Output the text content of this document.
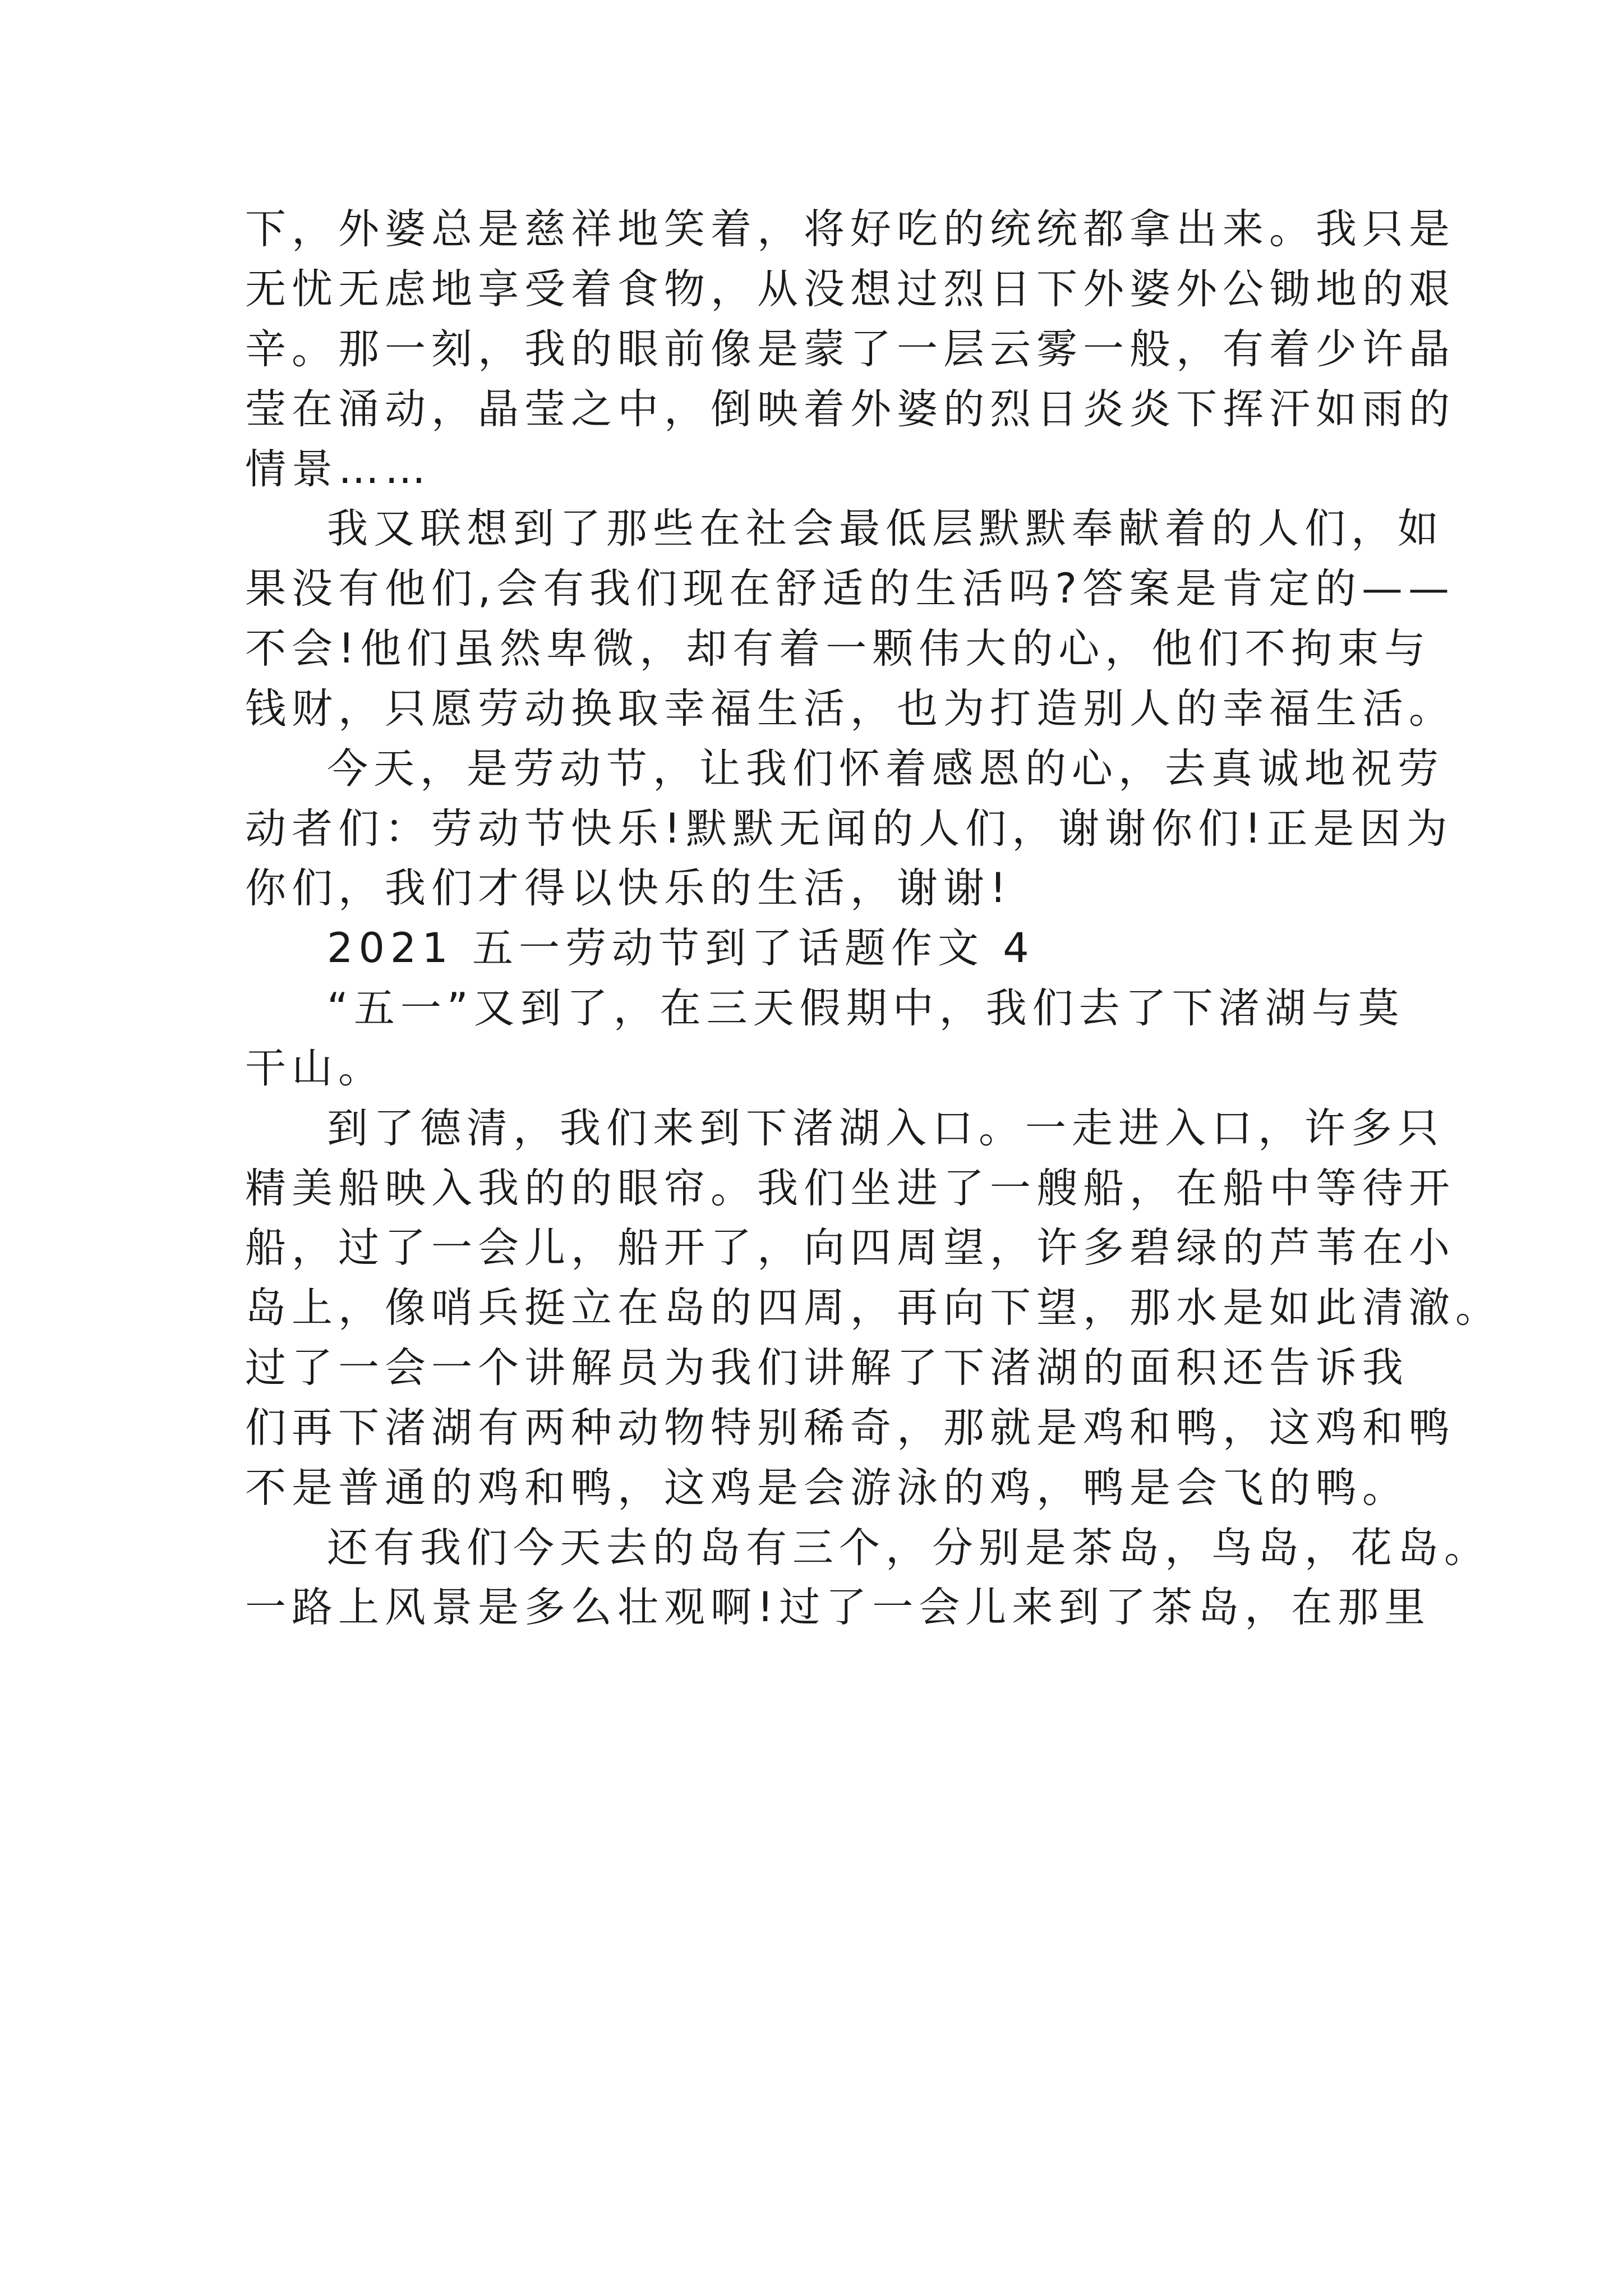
下，外婆总是慈祥地笑着，将好吃的统统都拿出来。我只是
无忧无虑地享受着食物，从没想过烈日下外婆外公锄地的艰
辛。那一刻，我的眼前像是蒙了一层云雾一般，有着少许晶
莹在涌动，晶莹之中，倒映着外婆的烈日炎炎下挥汗如雨的
情景……
我又联想到了那些在社会最低层默默奉献着的人们，如
果没有他们,会有我们现在舒适的生活吗?答案是肯定的——
不会!他们虽然卑微，却有着一颗伟大的心，他们不拘束与
钱财，只愿劳动换取幸福生活，也为打造别人的幸福生活。
今天，是劳动节，让我们怀着感恩的心，去真诚地祝劳
动者们：劳动节快乐!默默无闻的人们，谢谢你们!正是因为
你们，我们才得以快乐的生活，谢谢!
2021 五一劳动节到了话题作文 4
“五一”又到了，在三天假期中，我们去了下渚湖与莫
干山。
到了德清，我们来到下渚湖入口。一走进入口，许多只
精美船映入我的的眼帘。我们坐进了一艘船，在船中等待开
船，过了一会儿，船开了，向四周望，许多碧绿的芦苇在小
岛上，像哨兵挺立在岛的四周，再向下望，那水是如此清澈。
过了一会一个讲解员为我们讲解了下渚湖的面积还告诉我
们再下渚湖有两种动物特别稀奇，那就是鸡和鸭，这鸡和鸭
不是普通的鸡和鸭，这鸡是会游泳的鸡，鸭是会飞的鸭。
还有我们今天去的岛有三个，分别是茶岛，鸟岛，花岛。
一路上风景是多么壮观啊!过了一会儿来到了茶岛，在那里
